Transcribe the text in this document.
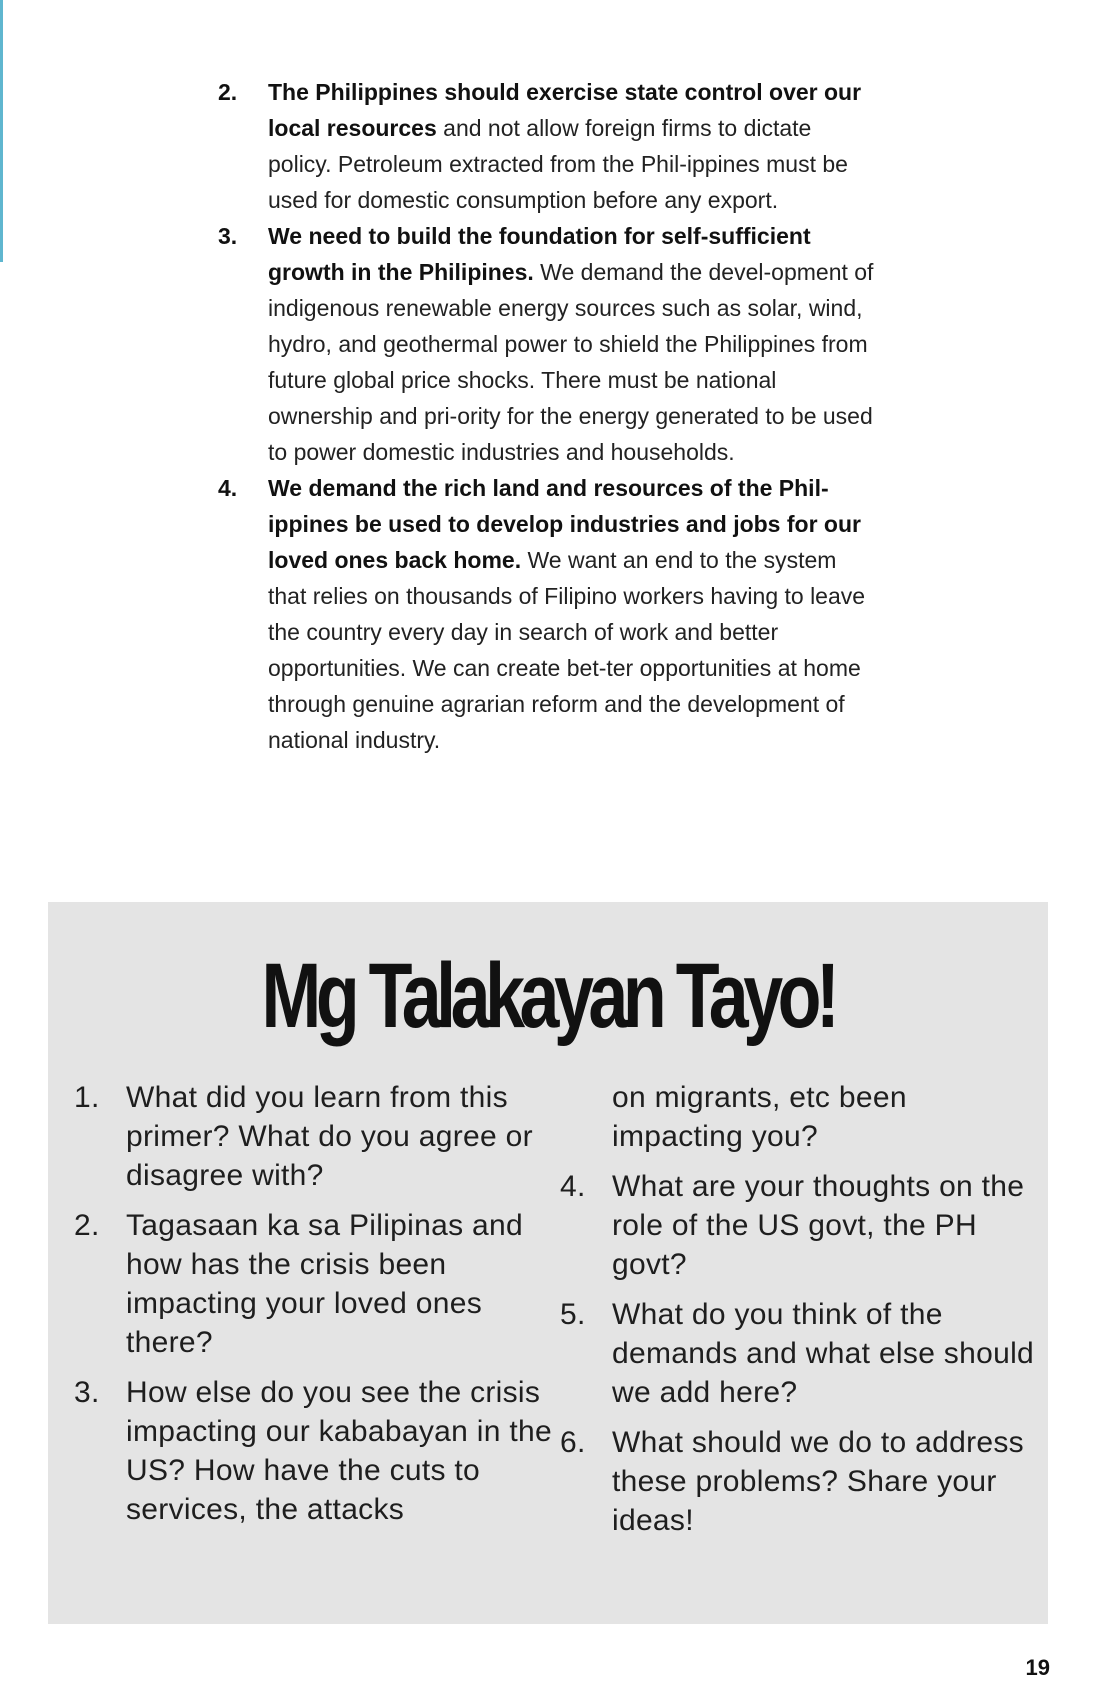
2. The Philippines should exercise state control over our local resources and not allow foreign firms to dictate policy. Petroleum extracted from the Phil-ippines must be used for domestic consumption before any export.
3. We need to build the foundation for self-sufficient growth in the Philipines. We demand the devel-opment of indigenous renewable energy sources such as solar, wind, hydro, and geothermal power to shield the Philippines from future global price shocks. There must be national ownership and pri-ority for the energy generated to be used to power domestic industries and households.
4. We demand the rich land and resources of the Phil-ippines be used to develop industries and jobs for our loved ones back home. We want an end to the system that relies on thousands of Filipino workers having to leave the country every day in search of work and better opportunities. We can create bet-ter opportunities at home through genuine agrarian reform and the development of national industry.
Mg Talakayan Tayo!
1. What did you learn from this primer? What do you agree or disagree with?
2. Tagasaan ka sa Pilipinas and how has the crisis been impacting your loved ones there?
3. How else do you see the crisis impacting our kababayan in the US? How have the cuts to services, the attacks
on migrants, etc been impacting you?
4. What are your thoughts on the role of the US govt, the PH govt?
5. What do you think of the demands and what else should we add here?
6. What should we do to address these problems? Share your ideas!
19
